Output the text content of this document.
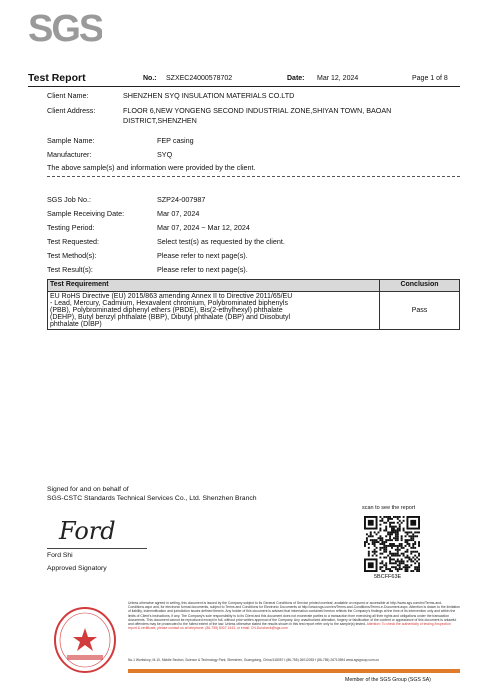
SGS
Test Report	No.: SZXEC24000578702	Date: Mar 12, 2024	Page 1 of 8
Client Name:	SHENZHEN SYQ INSULATION MATERIALS CO.LTD
Client Address:	FLOOR 6,NEW YONGENG SECOND INDUSTRIAL ZONE,SHIYAN TOWN, BAOAN
DISTRICT,SHENZHEN
Sample Name:	FEP casing
Manufacturer:	SYQ
The above sample(s) and information were provided by the client.
SGS Job No.:	SZP24-007987
Sample Receiving Date:	Mar 07, 2024
Testing Period:	Mar 07, 2024 ~ Mar 12, 2024
Test Requested:	Select test(s) as requested by the client.
Test Method(s):	Please refer to next page(s).
Test Result(s):	Please refer to next page(s).
Test Requirement	Conclusion

EU RoHS Directive (EU) 2015/863 amending Annex II to Directive 2011/65/EU
- Lead, Mercury, Cadmium, Hexavalent chromium, Polybrominated biphenyls
(PBB), Polybrominated diphenyl ethers (PBDE), Bis(2-ethylhexyl) phthalate
(DEHP), Butyl benzyl phthalate (BBP), Dibutyl phthalate (DBP) and Diisobutyl
phthalate (DIBP)	Pass
Signed for and on behalf of
SGS-CSTC Standards Technical Services Co., Ltd. Shenzhen Branch
Ford
Ford Shi
Approved Signatory
scan to see the report
5BCFF63E
Unless otherwise agreed in writing, this document is issued by the Company subject to its General Conditions of Service printed overleaf, available on request or accessible at http://www.sgs.com/en/Terms-and-Conditions.aspx and, for electronic format documents, subject to Terms and Conditions for Electronic Documents at http://www.sgs.com/en/Terms-and-Conditions/Terms-e-Document.aspx. Attention is drawn to the limitation of liability, indemnification and jurisdiction issues defined therein. Any holder of this document is advised that information contained hereon reflects the Company's findings at the time of its intervention only and within the limits of Client's instructions, if any. The Company's sole responsibility is to its Client and this document does not exonerate parties to a transaction from exercising all their rights and obligations under the transaction documents. This document cannot be reproduced except in full, without prior written approval of the Company. Any unauthorized alteration, forgery or falsification of the content or appearance of this document is unlawful and offenders may be prosecuted to the fullest extent of the law. Unless otherwise stated the results shown in this test report refer only to the sample(s) tested. Attention: To check the authenticity of testing /inspection report & certificate, please contact us at telephone: (86-755) 8307 1443, or email: CN.Doccheck@sgs.com
No.1 Workshop, M-10, Middle Section, Science & Technology Park, Shenzhen, Guangdong, China 518057 t (86-755) 26012053 f (86-755) 26710594 www.sgsgroup.com.cn
Member of the SGS Group (SGS SA)
